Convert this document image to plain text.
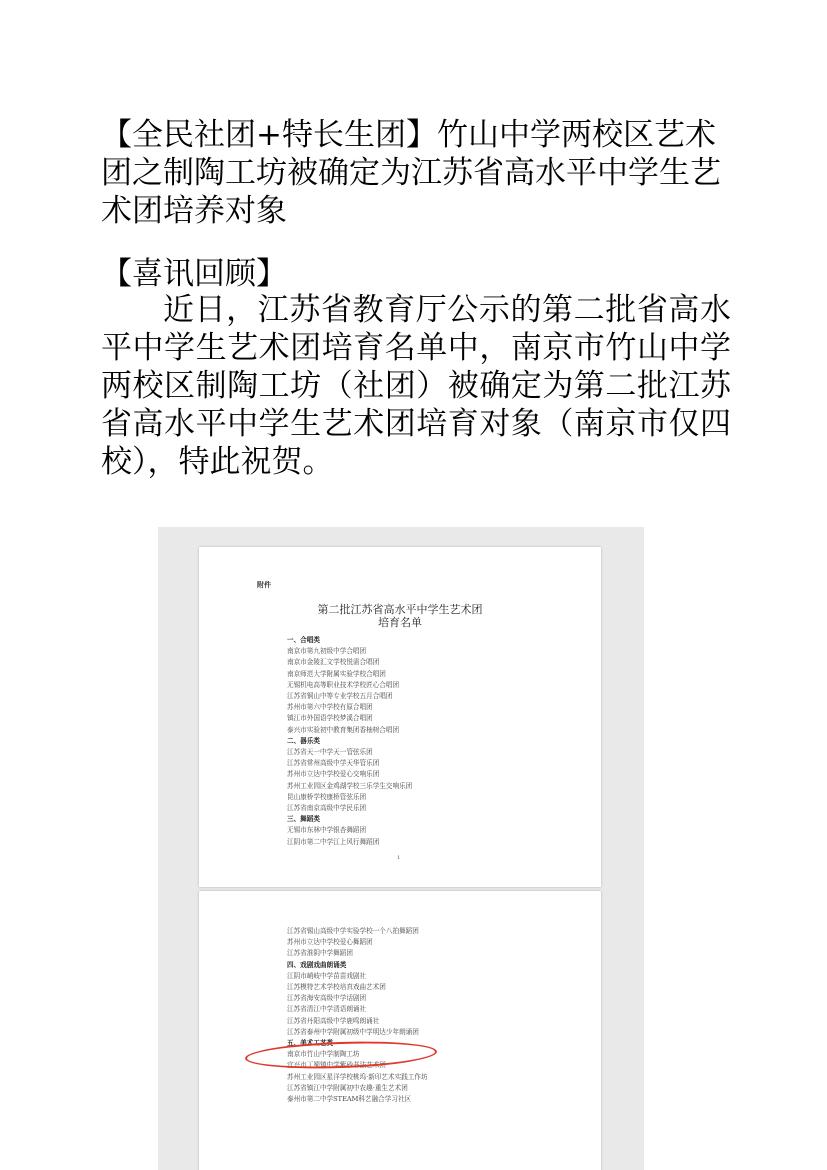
【全民社团+特长生团】竹山中学两校区艺术团之制陶工坊被确定为江苏省高水平中学生艺术团培养对象
【喜讯回顾】
近日，江苏省教育厅公示的第二批省高水平中学生艺术团培育名单中，南京市竹山中学两校区制陶工坊（社团）被确定为第二批江苏省高水平中学生艺术团培育对象（南京市仅四校），特此祝贺。
附件
第二批江苏省高水平中学生艺术团
培育名单
一、合唱类
南京市第九初级中学合唱团
南京市金陵汇文学校悦需合唱团
南京师范大学附属实验学校合唱团
无锡机电高等职业技术学校匠心合唱团
江苏省铜山中等专业学校五月合唱团
苏州市第六中学校有原合唱团
镇江市外国语学校梦溪合唱团
泰兴市实验初中教育集团香柚树合唱团
二、器乐类
江苏省天一中学天一管弦乐团
江苏省常州高级中学天华管乐团
苏州市立达中学校爱心交响乐团
苏州工业园区金鸡湖学校三乐学生交响乐团
昆山康桥学校康桥管弦乐团
江苏省南京高级中学民乐团
三、舞蹈类
无锡市东林中学银杏舞蹈团
江阴市第二中学江上风行舞蹈团
1
江苏省锡山高级中学实验学校一个八拍舞蹈团
苏州市立达中学校爱心舞蹈团
江苏省淮阴中学舞蹈团
四、戏剧戏曲朗诵类
江阴市峭岐中学苗苗戏剧社
江苏模特艺术学校培真戏曲艺术团
江苏省海安高级中学话剧团
江苏省清江中学清语朗诵社
江苏省丹阳高级中学鹿鸣朗诵社
江苏省泰州中学附属初级中学明达少年朗诵团
五、美术工艺类
南京市竹山中学制陶工坊
宜兴市丁蜀镇中学紫砂书法艺术团
苏州工业园区星洋学校桃坞·新印艺术实践工作坊
江苏省镇江中学附属初中农趣·重生艺术团
泰州市第二中学STEAM科艺融合学习社区
